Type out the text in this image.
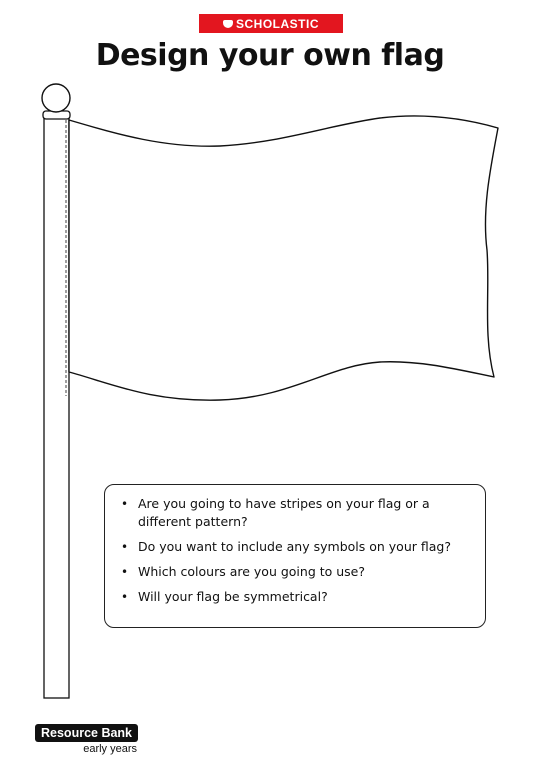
SCHOLASTIC
Design your own flag
• Are you going to have stripes on your flag or a different pattern?
• Do you want to include any symbols on your flag?
• Which colours are you going to use?
• Will your flag be symmetrical?
Resource Bank
early years
